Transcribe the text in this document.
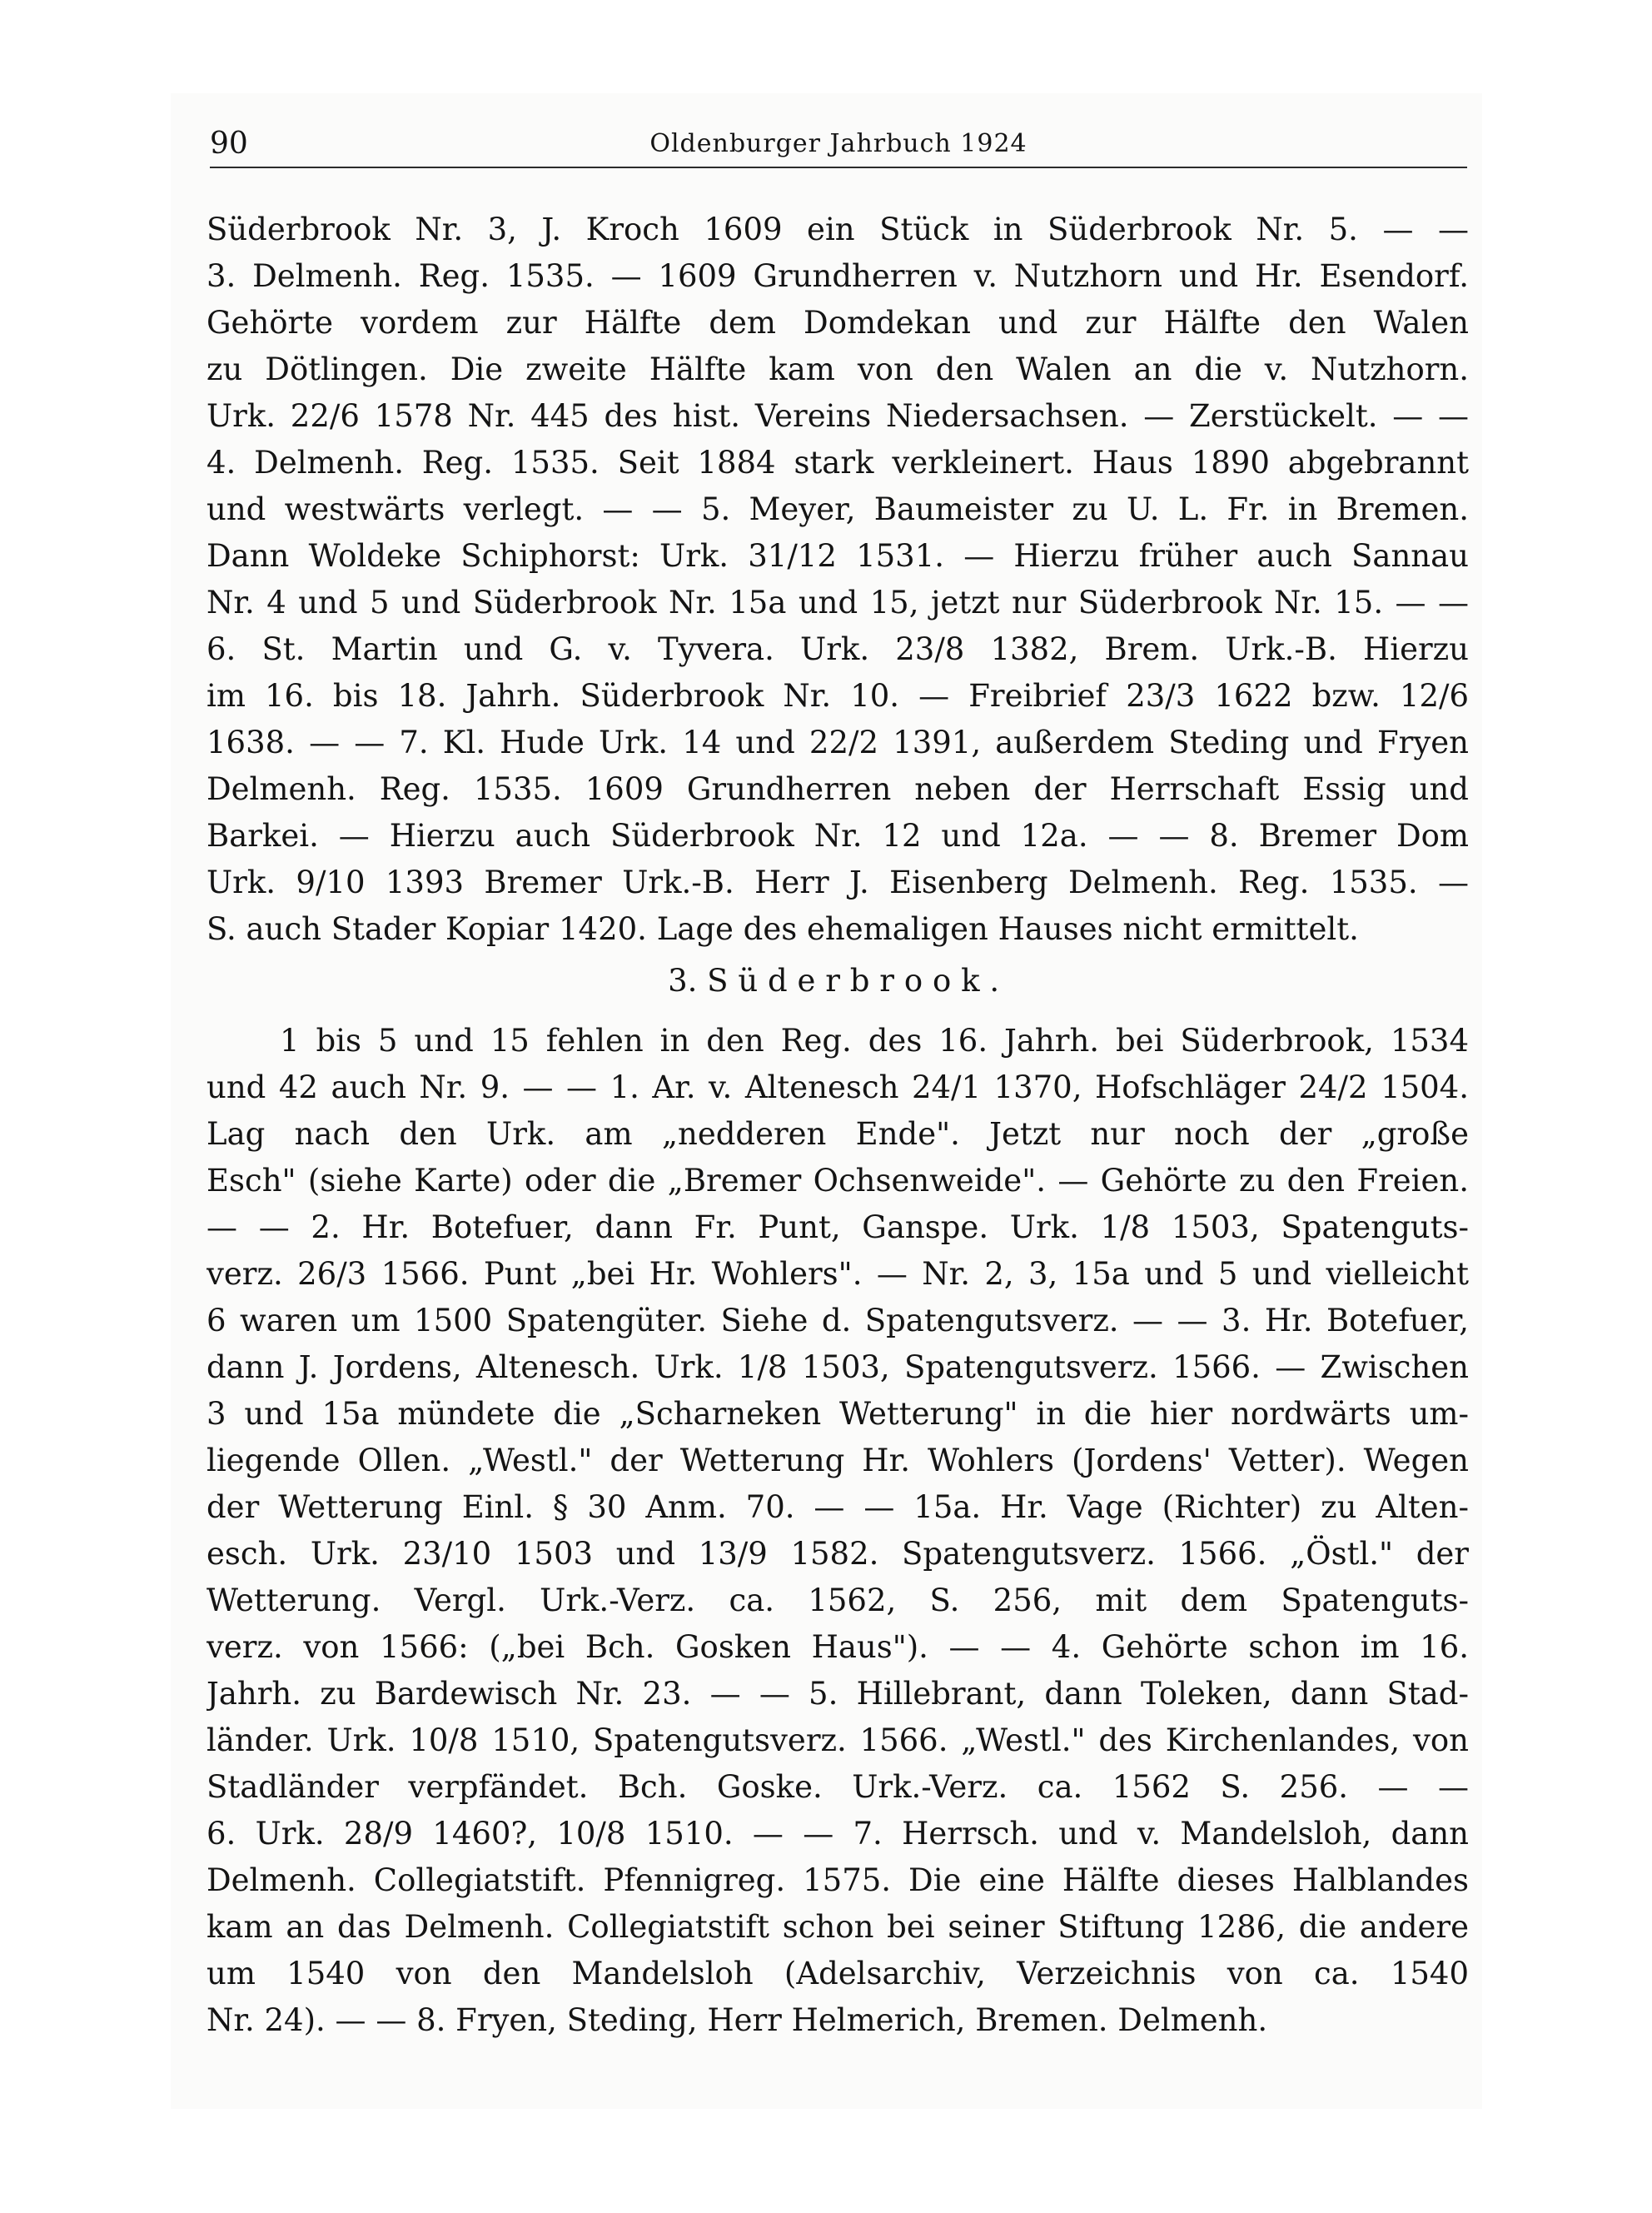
90	Oldenburger Jahrbuch 1924
Süderbrook Nr. 3, J. Kroch 1609 ein Stück in Süderbrook Nr. 5. — —
3. Delmenh. Reg. 1535. — 1609 Grundherren v. Nutzhorn und Hr. Esendorf.
Gehörte vordem zur Hälfte dem Domdekan und zur Hälfte den Walen
zu Dötlingen. Die zweite Hälfte kam von den Walen an die v. Nutzhorn.
Urk. 22/6 1578 Nr. 445 des hist. Vereins Niedersachsen. — Zerstückelt. — —
4. Delmenh. Reg. 1535. Seit 1884 stark verkleinert. Haus 1890 abgebrannt
und westwärts verlegt. — — 5. Meyer, Baumeister zu U. L. Fr. in Bremen.
Dann Woldeke Schiphorst: Urk. 31/12 1531. — Hierzu früher auch Sannau
Nr. 4 und 5 und Süderbrook Nr. 15a und 15, jetzt nur Süderbrook Nr. 15. — —
6. St. Martin und G. v. Tyvera. Urk. 23/8 1382, Brem. Urk.-B. Hierzu
im 16. bis 18. Jahrh. Süderbrook Nr. 10. — Freibrief 23/3 1622 bzw. 12/6
1638. — — 7. Kl. Hude Urk. 14 und 22/2 1391, außerdem Steding und Fryen
Delmenh. Reg. 1535. 1609 Grundherren neben der Herrschaft Essig und
Barkei. — Hierzu auch Süderbrook Nr. 12 und 12a. — — 8. Bremer Dom
Urk. 9/10 1393 Bremer Urk.-B. Herr J. Eisenberg Delmenh. Reg. 1535. —
S. auch Stader Kopiar 1420. Lage des ehemaligen Hauses nicht ermittelt.
3. Süderbrook.
1 bis 5 und 15 fehlen in den Reg. des 16. Jahrh. bei Süderbrook, 1534
und 42 auch Nr. 9. — — 1. Ar. v. Altenesch 24/1 1370, Hofschläger 24/2 1504.
Lag nach den Urk. am „nedderen Ende". Jetzt nur noch der „große
Esch" (siehe Karte) oder die „Bremer Ochsenweide". — Gehörte zu den Freien.
— — 2. Hr. Botefuer, dann Fr. Punt, Ganspe. Urk. 1/8 1503, Spatenguts-
verz. 26/3 1566. Punt „bei Hr. Wohlers". — Nr. 2, 3, 15a und 5 und vielleicht
6 waren um 1500 Spatengüter. Siehe d. Spatengutsverz. — — 3. Hr. Botefuer,
dann J. Jordens, Altenesch. Urk. 1/8 1503, Spatengutsverz. 1566. — Zwischen
3 und 15a mündete die „Scharneken Wetterung" in die hier nordwärts um-
liegende Ollen. „Westl." der Wetterung Hr. Wohlers (Jordens' Vetter). Wegen
der Wetterung Einl. § 30 Anm. 70. — — 15a. Hr. Vage (Richter) zu Alten-
esch. Urk. 23/10 1503 und 13/9 1582. Spatengutsverz. 1566. „Östl." der
Wetterung. Vergl. Urk.-Verz. ca. 1562, S. 256, mit dem Spatenguts-
verz. von 1566: („bei Bch. Gosken Haus"). — — 4. Gehörte schon im 16.
Jahrh. zu Bardewisch Nr. 23. — — 5. Hillebrant, dann Toleken, dann Stad-
länder. Urk. 10/8 1510, Spatengutsverz. 1566. „Westl." des Kirchenlandes, von
Stadländer verpfändet. Bch. Goske. Urk.-Verz. ca. 1562 S. 256. — —
6. Urk. 28/9 1460?, 10/8 1510. — — 7. Herrsch. und v. Mandelsloh, dann
Delmenh. Collegiatstift. Pfennigreg. 1575. Die eine Hälfte dieses Halblandes
kam an das Delmenh. Collegiatstift schon bei seiner Stiftung 1286, die andere
um 1540 von den Mandelsloh (Adelsarchiv, Verzeichnis von ca. 1540
Nr. 24). — — 8. Fryen, Steding, Herr Helmerich, Bremen. Delmenh.
